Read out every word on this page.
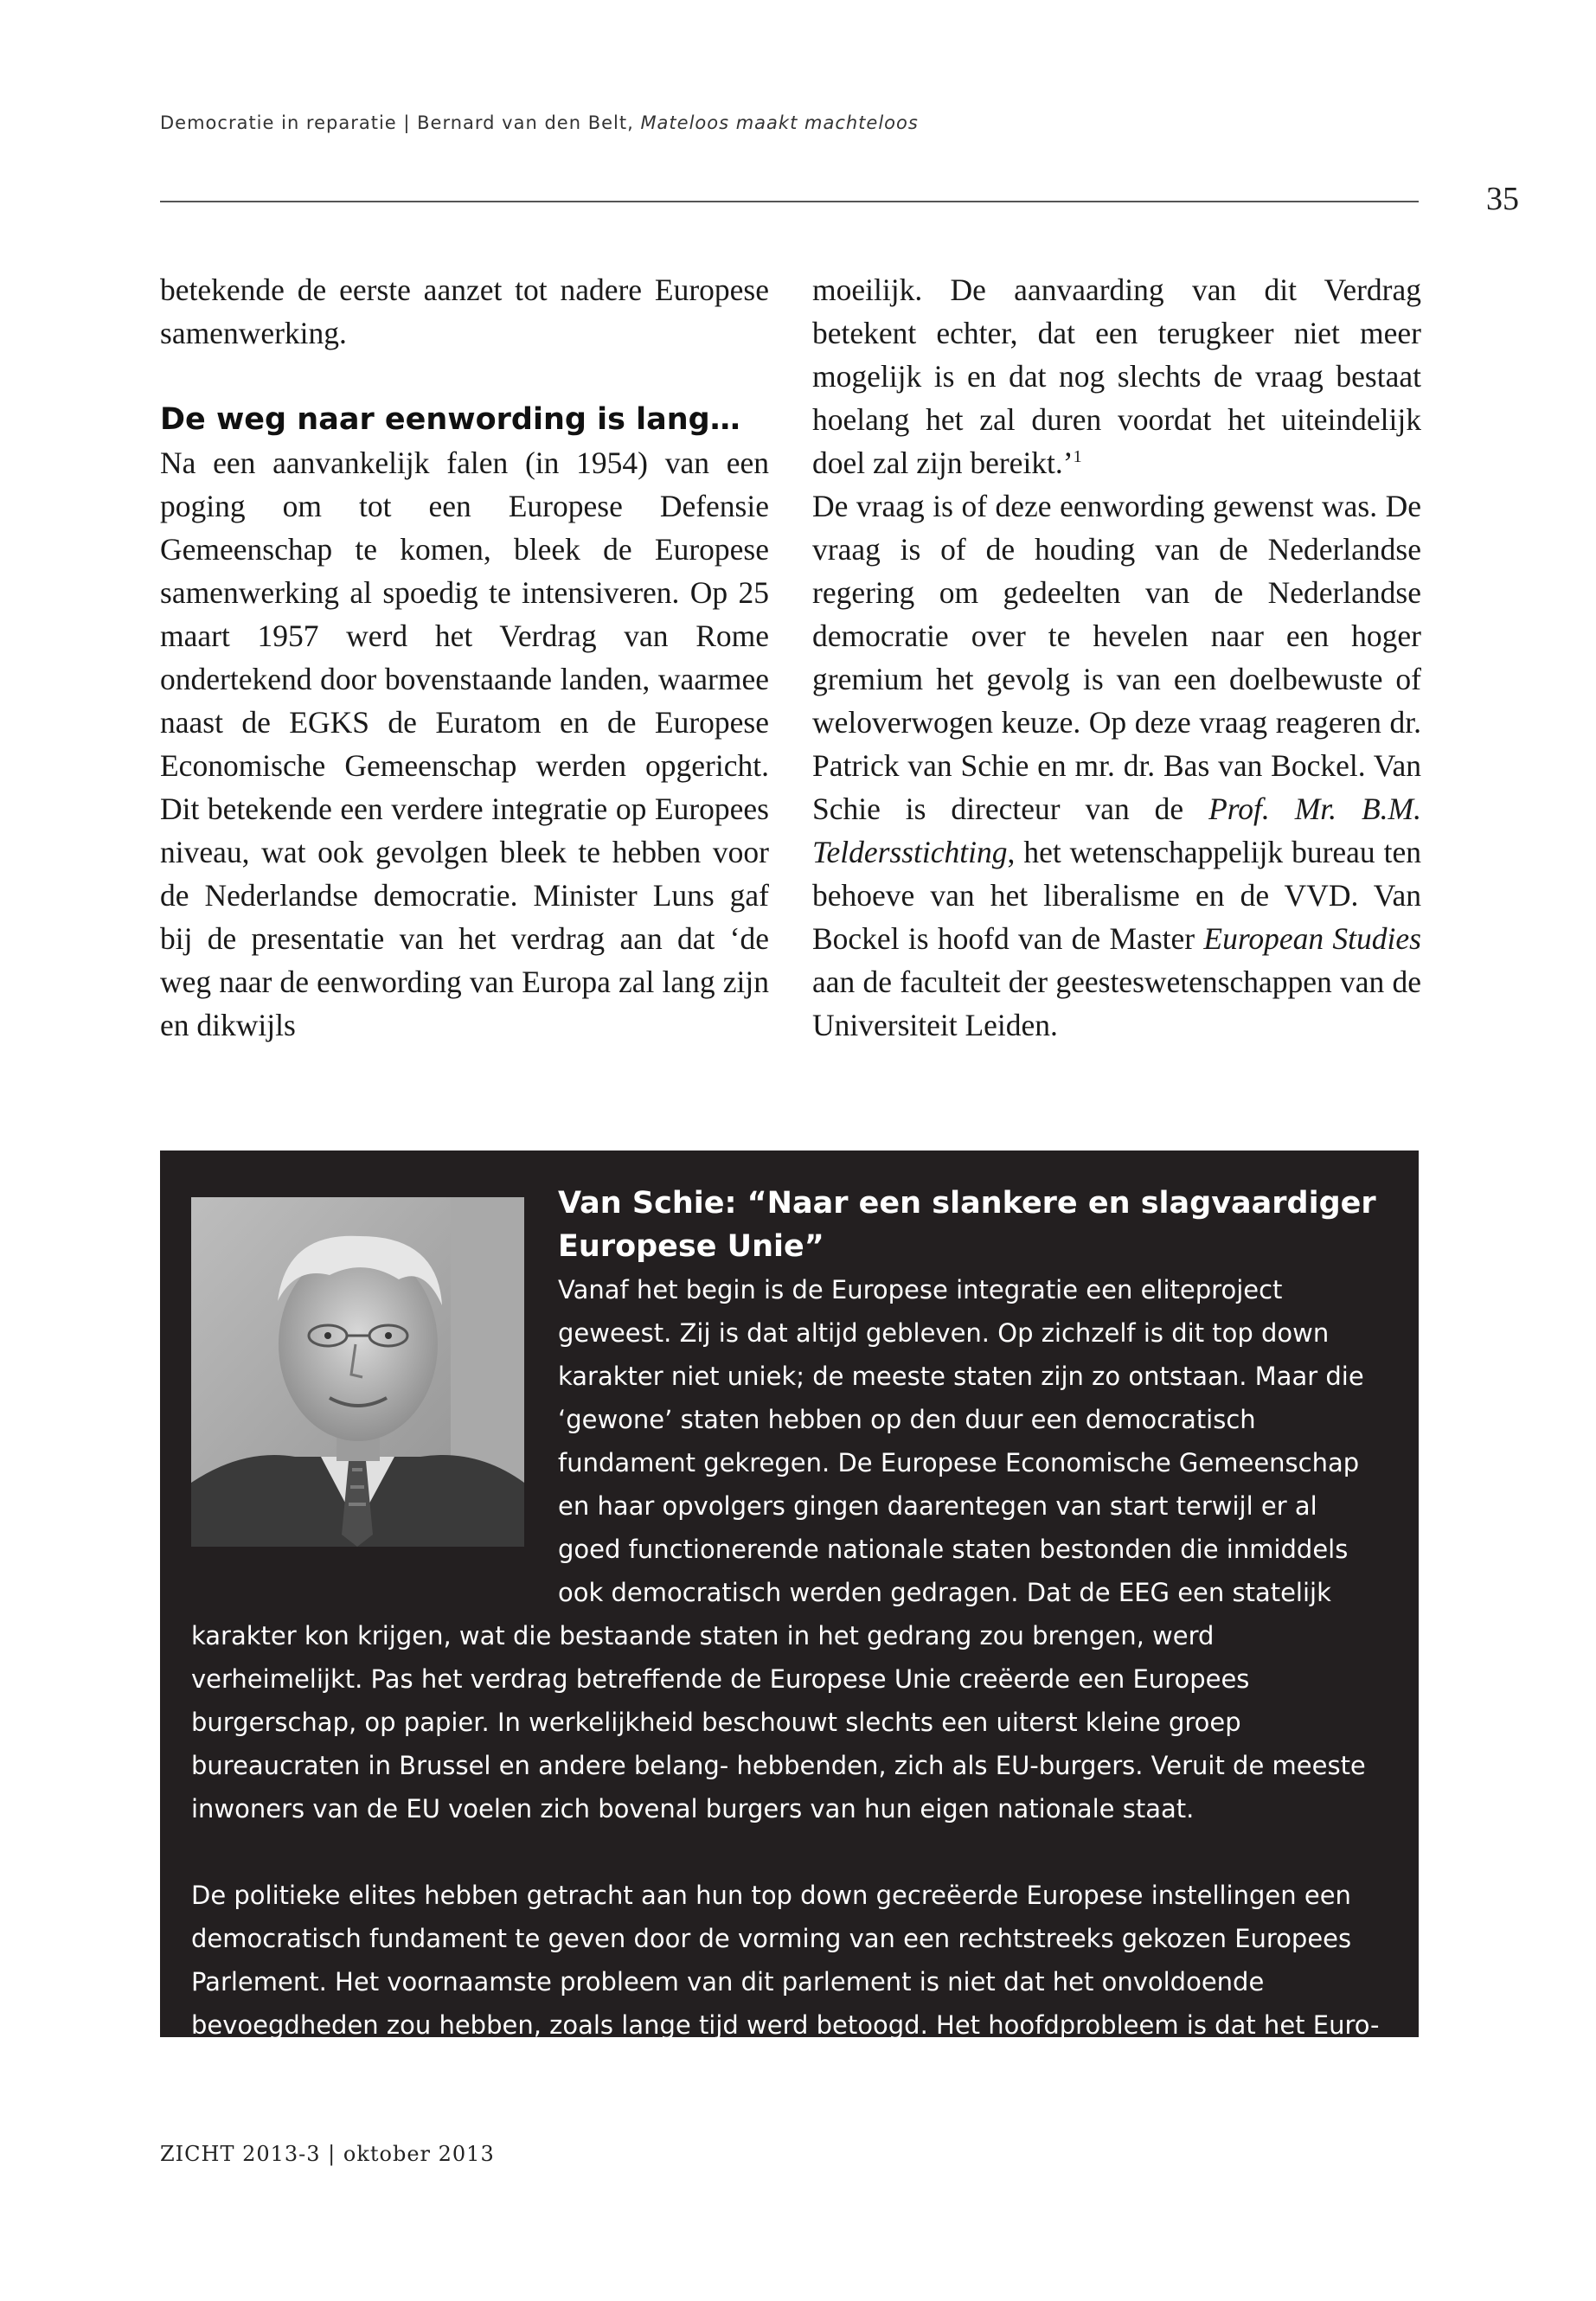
Democratie in reparatie | Bernard van den Belt, Mateloos maakt machteloos
35

betekende de eerste aanzet tot nadere Europese samenwerking.

De weg naar eenwording is lang…

Na een aanvankelijk falen (in 1954) van een poging om tot een Europese Defensie Gemeenschap te komen, bleek de Europese samenwerking al spoedig te intensiveren. Op 25 maart 1957 werd het Verdrag van Rome ondertekend door bovenstaande landen, waarmee naast de EGKS de Euratom en de Europese Economische Gemeenschap werden opgericht. Dit betekende een verdere integratie op Europees niveau, wat ook gevolgen bleek te hebben voor de Nederlandse democratie. Minister Luns gaf bij de presentatie van het verdrag aan dat ‘de weg naar de eenwording van Europa zal lang zijn en dikwijls

moeilijk. De aanvaarding van dit Verdrag betekent echter, dat een terugkeer niet meer mogelijk is en dat nog slechts de vraag bestaat hoelang het zal duren voordat het uiteindelijk doel zal zijn bereikt.’$^1$

De vraag is of deze eenwording gewenst was. De vraag is of de houding van de Nederlandse regering om gedeelten van de Nederlandse democratie over te hevelen naar een hoger gremium het gevolg is van een doelbewuste of weloverwogen keuze. Op deze vraag reageren dr. Patrick van Schie en mr. dr. Bas van Bockel. Van Schie is directeur van de Prof. Mr. B.M. Teldersstichting, het wetenschappelijk bureau ten behoeve van het liberalisme en de VVD. Van Bockel is hoofd van de Master European Studies aan de faculteit der geesteswetenschappen van de Universiteit Leiden.

Van Schie: “Naar een slankere en slagvaardiger Europese Unie”

Vanaf het begin is de Europese integratie een eliteproject geweest. Zij is dat altijd gebleven. Op zichzelf is dit top down karakter niet uniek; de meeste staten zijn zo ontstaan. Maar die ‘gewone’ staten hebben op den duur een democratisch fundament gekregen. De Europese Economische Gemeenschap en haar opvolgers gingen daarentegen van start terwijl er al goed functionerende nationale staten bestonden die inmiddels ook democratisch werden gedragen. Dat de EEG een statelijk karakter kon krijgen, wat die bestaande staten in het gedrang zou brengen, werd verheimelijkt. Pas het verdrag betreffende de Europese Unie creëerde een Europees burgerschap, op papier. In werkelijkheid beschouwt slechts een uiterst kleine groep bureaucraten in Brussel en andere belang- hebbenden, zich als EU-burgers. Veruit de meeste inwoners van de EU voelen zich bovenal burgers van hun eigen nationale staat.

De politieke elites hebben getracht aan hun top down gecreëerde Europese instellingen een democratisch fundament te geven door de vorming van een rechtstreeks gekozen Europees Parlement. Het voornaamste probleem van dit parlement is niet dat het onvoldoende bevoegdheden zou hebben, zoals lange tijd werd betoogd. Het hoofdprobleem is dat het Euro-

ZICHT 2013-3 | oktober 2013
